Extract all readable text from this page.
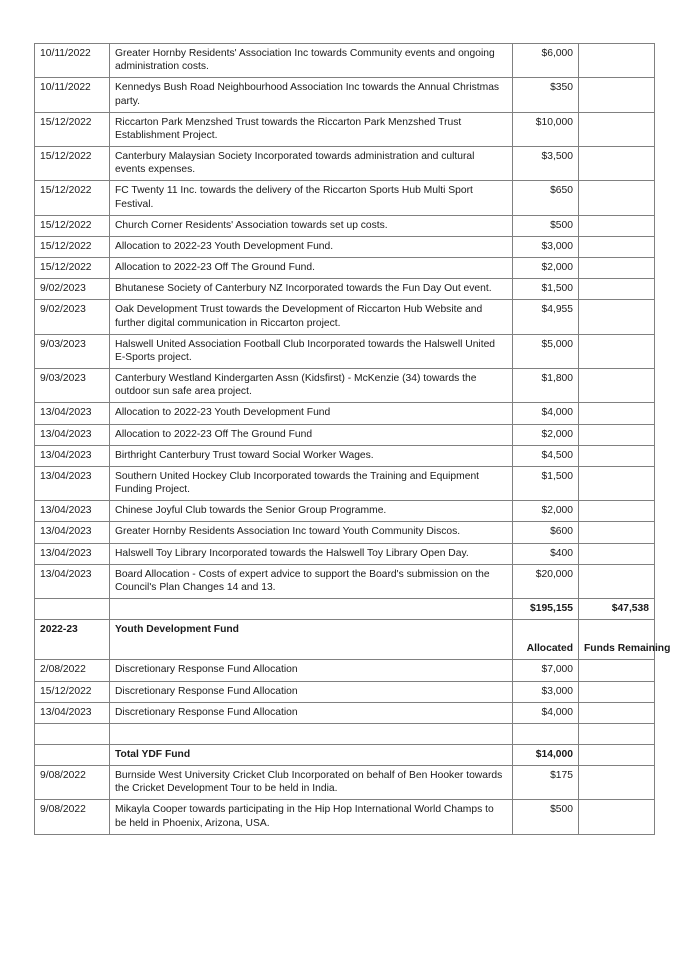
10/11/2022	Greater Hornby Residents' Association Inc towards Community events and ongoing administration costs.	$6,000	
10/11/2022	Kennedys Bush Road Neighbourhood Association Inc towards the Annual Christmas party.	$350	
15/12/2022	Riccarton Park Menzshed Trust towards the Riccarton Park Menzshed Trust Establishment Project.	$10,000	
15/12/2022	Canterbury Malaysian Society Incorporated towards administration and cultural events expenses.	$3,500	
15/12/2022	FC Twenty 11 Inc. towards the delivery of the Riccarton Sports Hub Multi Sport Festival.	$650	
15/12/2022	Church Corner Residents' Association towards set up costs.	$500	
15/12/2022	Allocation to 2022-23 Youth Development Fund.	$3,000	
15/12/2022	Allocation to 2022-23 Off The Ground Fund.	$2,000	
9/02/2023	Bhutanese Society of Canterbury NZ Incorporated towards the Fun Day Out event.	$1,500	
9/02/2023	Oak Development Trust towards the Development of Riccarton Hub Website and further digital communication in Riccarton project.	$4,955	
9/03/2023	Halswell United Association Football Club Incorporated towards the Halswell United E-Sports project.	$5,000	
9/03/2023	Canterbury Westland Kindergarten Assn (Kidsfirst) - McKenzie (34) towards the outdoor sun safe area project.	$1,800	
13/04/2023	Allocation to 2022-23 Youth Development Fund	$4,000	
13/04/2023	Allocation to 2022-23 Off The Ground Fund	$2,000	
13/04/2023	Birthright Canterbury Trust toward Social Worker Wages.	$4,500	
13/04/2023	Southern United Hockey Club Incorporated towards the Training and Equipment Funding Project.	$1,500	
13/04/2023	Chinese Joyful Club towards the Senior Group Programme.	$2,000	
13/04/2023	Greater Hornby Residents Association Inc toward Youth Community Discos.	$600	
13/04/2023	Halswell Toy Library Incorporated towards the Halswell Toy Library Open Day.	$400	
13/04/2023	Board Allocation - Costs of expert advice to support the Board's submission on the Council's Plan Changes 14 and 13.	$20,000	
		$195,155	$47,538
2022-23	Youth Development Fund	Allocated	Funds Remaining
2/08/2022	Discretionary Response Fund Allocation	$7,000	
15/12/2022	Discretionary Response Fund Allocation	$3,000	
13/04/2023	Discretionary Response Fund Allocation	$4,000	

	Total YDF Fund	$14,000	
9/08/2022	Burnside West University Cricket Club Incorporated on behalf of Ben Hooker towards the Cricket Development Tour to be held in India.	$175	
9/08/2022	Mikayla Cooper towards participating in the Hip Hop International World Champs to be held in Phoenix, Arizona, USA.	$500	
